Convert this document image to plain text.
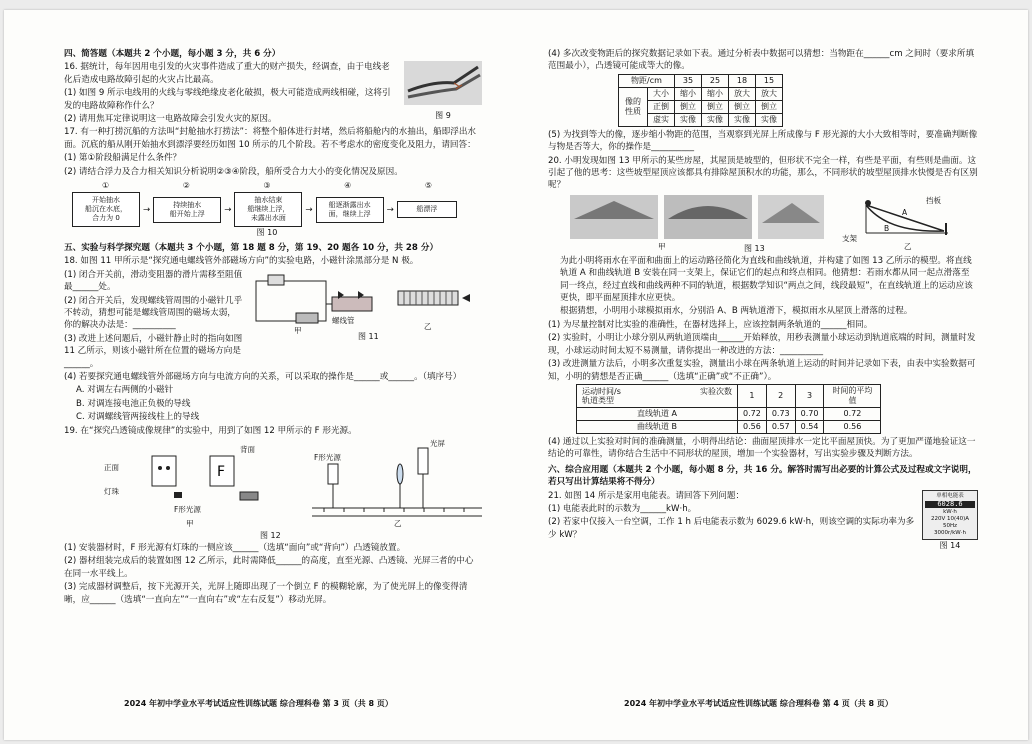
四、简答题（本题共 2 个小题，每小题 3 分，共 6 分）
16. 据统计，每年因用电引发的火灾事件造成了重大的财产损失，经调查，由于电线老化后造成电路故障引起的火灾占比最高。
(1) 如图 9 所示电线用的火线与零线绝缘皮老化破损，极大可能造成两线相碰，这将引发的电路故障称作什么？
(2) 请用焦耳定律说明这一电路故障会引发火灾的原因。	图 9
17. 有一种打捞沉船的方法叫“封舱抽水打捞法”：将整个船体进行封堵，然后将船舱内的水抽出，船即浮出水面。沉底的船从刚开始抽水到漂浮要经历如图 10 所示的几个阶段。若不考虑水的密度变化及阻力，请回答：
(1) 第①阶段船满足什么条件？
(2) 请结合浮力及合力相关知识分析说明②③④阶段，船所受合力大小的变化情况及原因。
①	②	③	④	⑤
开始抽水
船沉在水底，
合力为 0
→	持续抽水
船开始上浮	→
抽水结束
船继续上浮，
未露出水面
→	船逐渐露出水
面，继续上浮	→	船漂浮
图 10
五、实验与科学探究题（本题共 3 个小题，第 18 题 8 分，第 19、20 题各 10 分，共 28 分）
18. 如图 11 甲所示是“探究通电螺线管外部磁场方向”的实验电路，小磁针涂黑部分是 N 极。
(1) 闭合开关前，滑动变阻器的滑片需移至阻值最______处。
(2) 闭合开关后，发现螺线管周围的小磁针几乎不转动，猜想可能是螺线管周围的磁场太弱，你的解决办法是：__________
(3) 改进上述问题后，小磁针静止时的指向如图 11 乙所示，则该小磁针所在位置的磁场方向是______。
甲
螺线管
乙
图 11
(4) 若要探究通电螺线管外部磁场方向与电流方向的关系，可以采取的操作是______或______。（填序号）
A. 对调左右两侧的小磁针
B. 对调连接电池正负极的导线
C. 对调螺线管两接线柱上的导线
19. 在“探究凸透镜成像规律”的实验中，用到了如图 12 甲所示的 F 形光源。
F
正面
灯珠
背面
F形光源
甲
F形光源
光屏
乙
图 12
(1) 安装器材时，F 形光源有灯珠的一侧应该______（选填“面向”或“背向”）凸透镜放置。
(2) 器材组装完成后的装置如图 12 乙所示，此时需降低______的高度，直至光源、凸透镜、光屏三者的中心在同一水平线上。
(3) 完成器材调整后，按下光源开关，光屏上随即出现了一个倒立 F 的模糊轮廓，为了使光屏上的像变得清晰，应______（选填“一直向左”“一直向右”或“左右反复”）移动光屏。
2024 年初中学业水平考试适应性训练试题 综合理科卷 第 3 页（共 8 页）
(4) 多次改变物距后的探究数据记录如下表。通过分析表中数据可以猜想：当物距在______cm 之间时（要求所填范围最小），凸透镜可能成等大的像。
物距/cm		35	25	18	15
像的性质	大小	缩小	缩小	放大	放大
	正倒	倒立	倒立	倒立	倒立
	虚实	实像	实像	实像	实像
(5) 为找到等大的像，逐步缩小物距的范围，当观察到光屏上所成像与 F 形光源的大小大致相等时，要准确判断像与物是否等大，你的操作是__________
20. 小明发现如图 13 甲所示的某些房屋，其屋顶是坡型的，但形状不完全一样，有些是平面，有些则是曲面。这引起了他的思考：这些坡型屋顶应该都具有排除屋顶积水的功能，那么，不同形状的坡型屋顶排水快慢是否有区别呢？
挡板
A
B
支架
甲	图 13	乙
为此小明将雨水在平面和曲面上的运动路径简化为直线和曲线轨道，并构建了如图 13 乙所示的模型。将直线轨道 A 和曲线轨道 B 安装在同一支架上，保证它们的起点和终点相同。他猜想：若雨水都从同一起点滑落至同一终点，经过直线和曲线两种不同的轨道，根据数学知识“两点之间，线段最短”，在直线轨道上的运动应该更快，即平面屋顶排水应更快。
根据猜想，小明用小球模拟雨水，分别沿 A、B 两轨道滑下，模拟雨水从屋顶上滑落的过程。
(1) 为尽量控制对比实验的准确性，在器材选择上，应该控制两条轨道的______相同。
(2) 实验时，小明让小球分别从两轨道顶端由______开始释放，用秒表测量小球运动到轨道底端的时间，测量时发现，小球运动时间太短不易测量，请你提出一种改进的方法：__________
(3) 改进测量方法后，小明多次重复实验，测量出小球在两条轨道上运动的时间并记录如下表，由表中实验数据可知，小明的猜想是否正确______（选填“正确”或“不正确”）。
运动时间/s 实验次数
轨道类型	1	2	3	时间的平均值
直线轨道 A	0.72	0.73	0.70	0.72
曲线轨道 B	0.56	0.57	0.54	0.56
(4) 通过以上实验对时间的准确测量，小明得出结论：曲面屋顶排水一定比平面屋顶快。为了更加严谨地验证这一结论的可靠性，请你结合生活中不同形状的屋顶，增加一个实验器材，写出实验步骤及判断方法。
六、综合应用题（本题共 2 个小题，每小题 8 分，共 16 分。解答时需写出必要的计算公式及过程或文字说明，若只写出计算结果将不得分）
21. 如图 14 所示是家用电能表。请回答下列问题：
(1) 电能表此时的示数为______kW·h。
(2) 若家中仅接入一台空调，工作 1 h 后电能表示数为 6029.6 kW·h，则该空调的实际功率为多少 kW？
单相电能表
6028.6
kW·h
220V 10(40)A 50Hz
3000r/kW·h
图 14
2024 年初中学业水平考试适应性训练试题 综合理科卷 第 4 页（共 8 页）
